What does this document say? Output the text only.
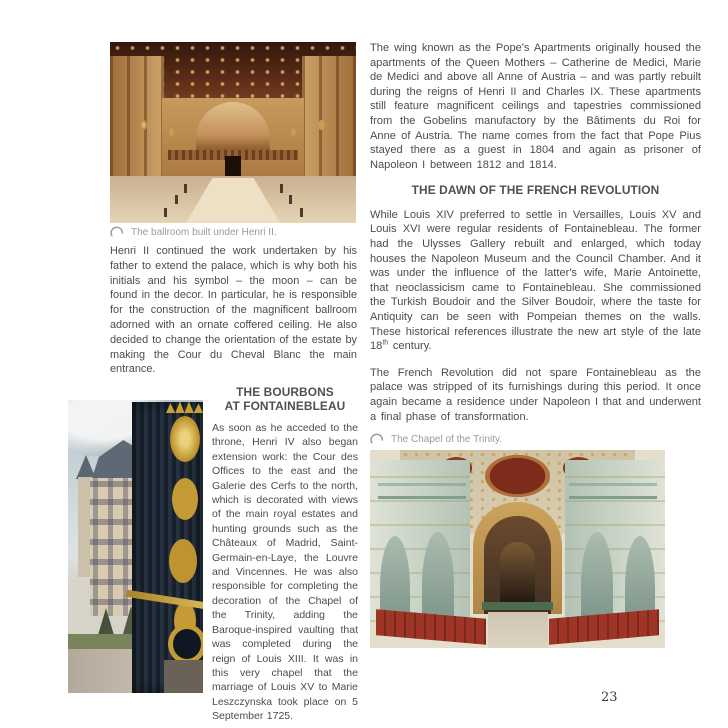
The ballroom built under Henri II.

Henri II continued the work undertaken by his father to extend the palace, which is why both his initials and his symbol – the moon – can be found in the decor. In particular, he is responsible for the construction of the magnificent ballroom adorned with an ornate coffered ceiling. He also decided to change the orientation of the estate by making the Cour du Cheval Blanc the main entrance.

THE BOURBONS
AT FONTAINEBLEAU

As soon as he acceded to the throne, Henri IV also began extension work: the Cour des Offices to the east and the Galerie des Cerfs to the north, which is decorated with views of the main royal estates and hunting grounds such as the Châteaux of Madrid, Saint-Germain-en-Laye, the Louvre and Vincennes. He was also responsible for completing the decoration of the Chapel of the Trinity, adding the Baroque-inspired vaulting that was completed during the reign of Louis XIII. It was in this very chapel that the marriage of Louis XV to Marie Leszczynska took place on 5 September 1725.

The wing known as the Pope's Apartments originally housed the apartments of the Queen Mothers – Catherine de Medici, Marie de Medici and above all Anne of Austria – and was partly rebuilt during the reigns of Henri II and Charles IX. These apartments still feature magnificent ceilings and tapestries commissioned from the Gobelins manufactory by the Bâtiments du Roi for Anne of Austria. The name comes from the fact that Pope Pius stayed there as a guest in 1804 and again as prisoner of Napoleon I between 1812 and 1814.

THE DAWN OF THE FRENCH REVOLUTION

While Louis XIV preferred to settle in Versailles, Louis XV and Louis XVI were regular residents of Fontainebleau. The former had the Ulysses Gallery rebuilt and enlarged, which today houses the Napoleon Museum and the Council Chamber. And it was under the influence of the latter's wife, Marie Antoinette, that neoclassicism came to Fontainebleau. She commissioned the Turkish Boudoir and the Silver Boudoir, where the taste for Antiquity can be seen with Pompeian themes on the walls. These historical references illustrate the new art style of the late 18th century.

The French Revolution did not spare Fontainebleau as the palace was stripped of its furnishings during this period. It once again became a residence under Napoleon I that and underwent a final phase of transformation.

The Chapel of the Trinity.
23
